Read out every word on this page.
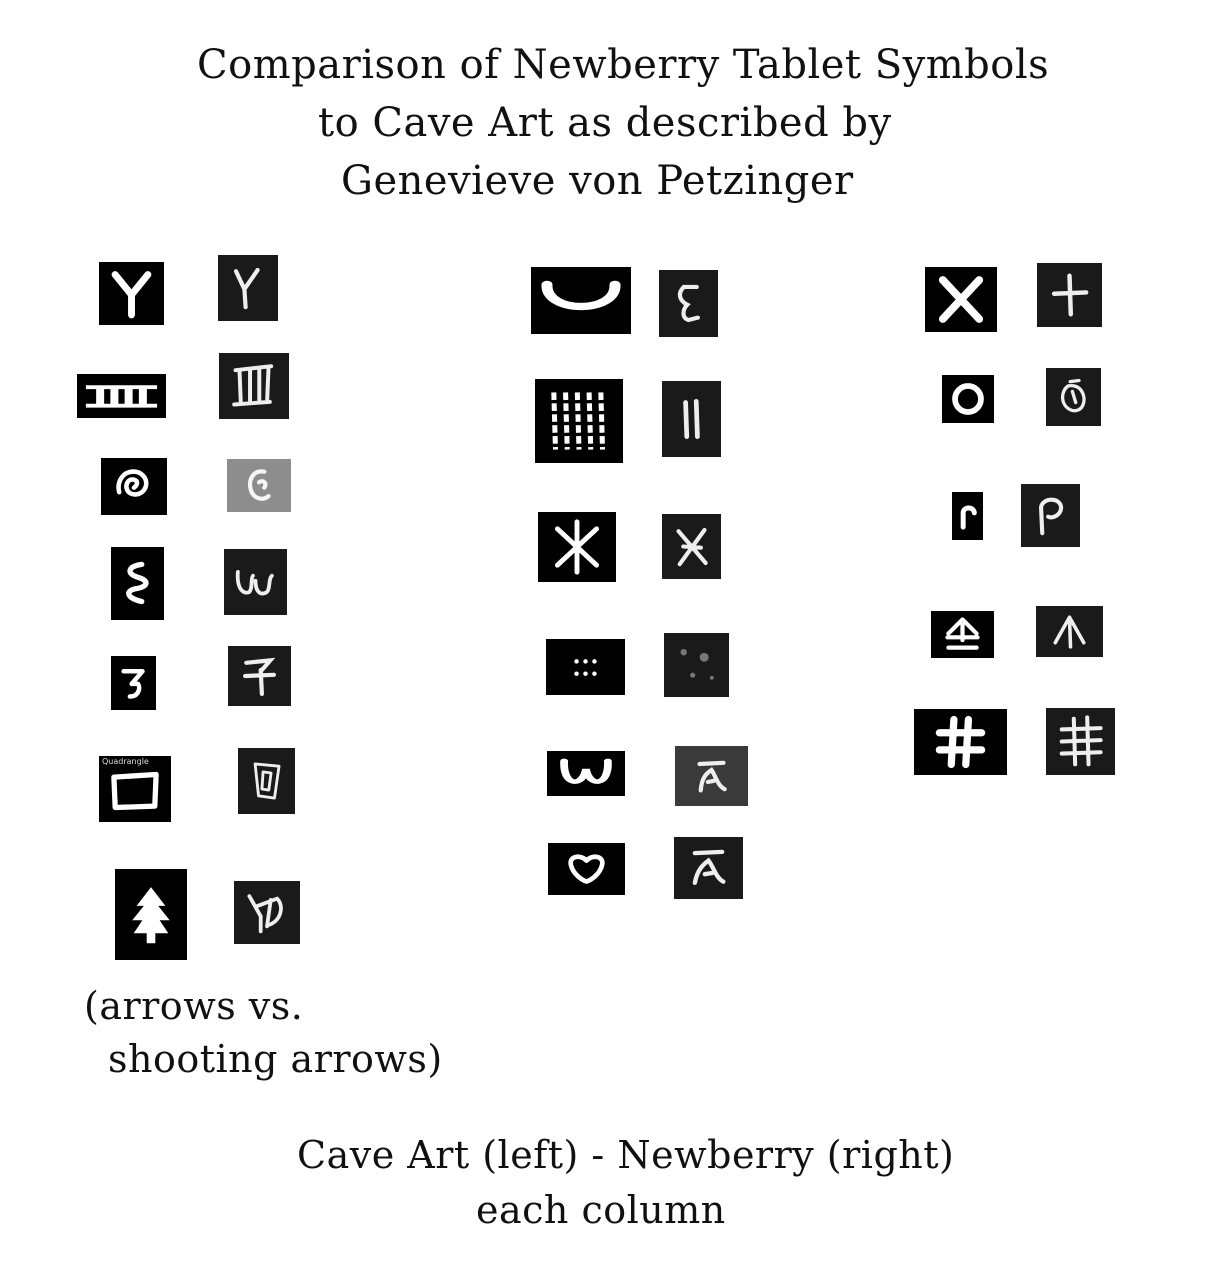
Comparison of Newberry Tablet Symbols
to Cave Art as described by
Genevieve von Petzinger
Quadrangle

(arrows vs.

shooting arrows)

Cave Art (left) - Newberry (right)

each column
